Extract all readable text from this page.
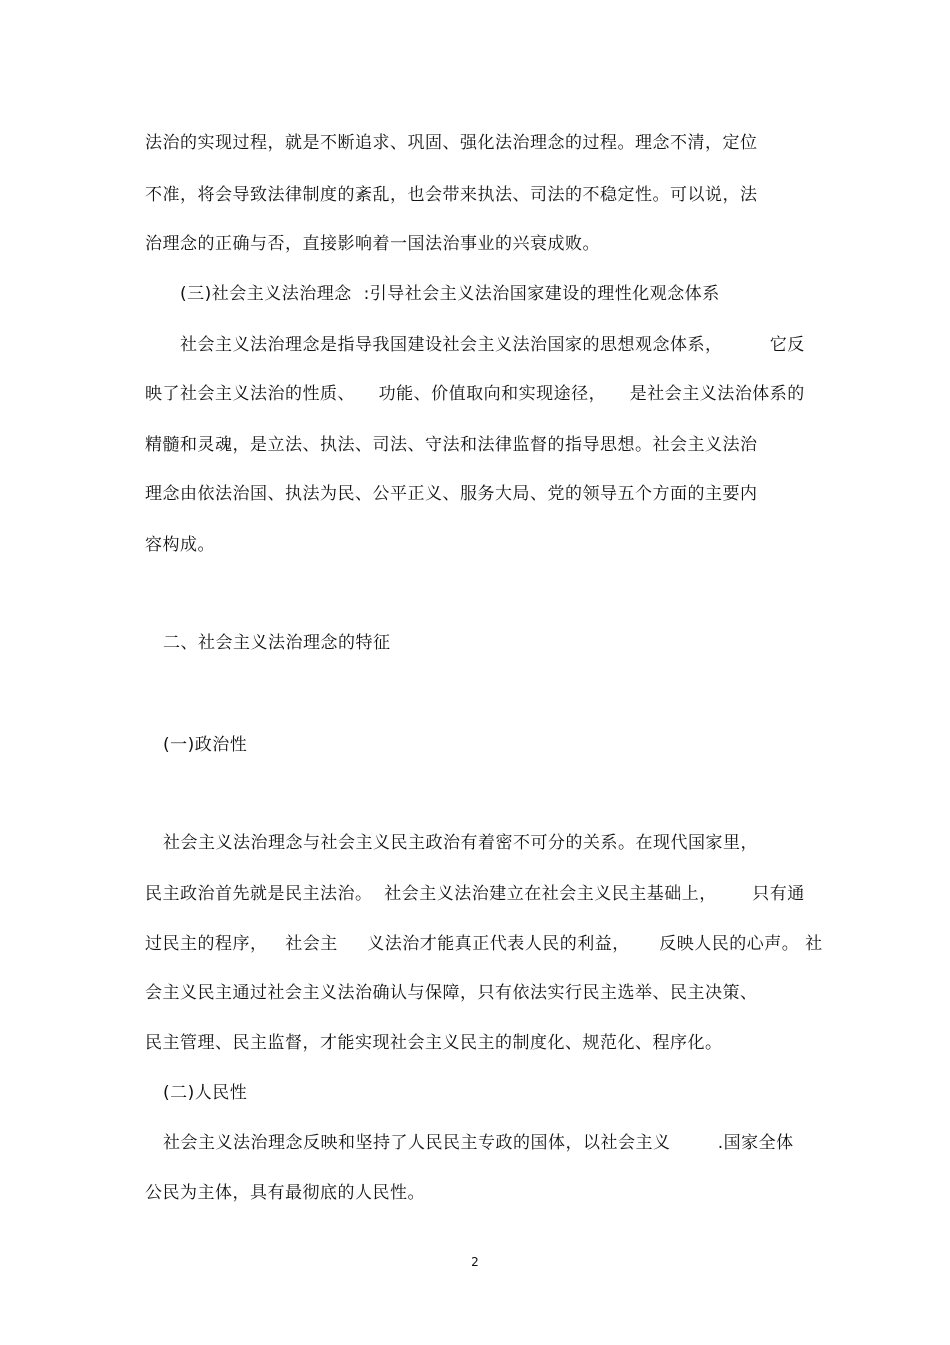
法治的实现过程，就是不断追求、巩固、强化法治理念的过程。理念不清，定位
不准，将会导致法律制度的紊乱，也会带来执法、司法的不稳定性。可以说，法
治理念的正确与否，直接影响着一国法治事业的兴衰成败。
(三)社会主义法治理念  :引导社会主义法治国家建设的理性化观念体系
社会主义法治理念是指导我国建设社会主义法治国家的思想观念体系，        它反
映了社会主义法治的性质、    功能、价值取向和实现途径，    是社会主义法治体系的
精髓和灵魂，是立法、执法、司法、守法和法律监督的指导思想。社会主义法治
理念由依法治国、执法为民、公平正义、服务大局、党的领导五个方面的主要内
容构成。
二、社会主义法治理念的特征
(一)政治性
社会主义法治理念与社会主义民主政治有着密不可分的关系。在现代国家里，
民主政治首先就是民主法治。  社会主义法治建立在社会主义民主基础上，      只有通
过民主的程序，   社会主     义法治才能真正代表人民的利益，     反映人民的心声。 社
会主义民主通过社会主义法治确认与保障，只有依法实行民主选举、民主决策、
民主管理、民主监督，才能实现社会主义民主的制度化、规范化、程序化。
(二)人民性
社会主义法治理念反映和坚持了人民民主专政的国体，以社会主义        .国家全体
公民为主体，具有最彻底的人民性。
2
